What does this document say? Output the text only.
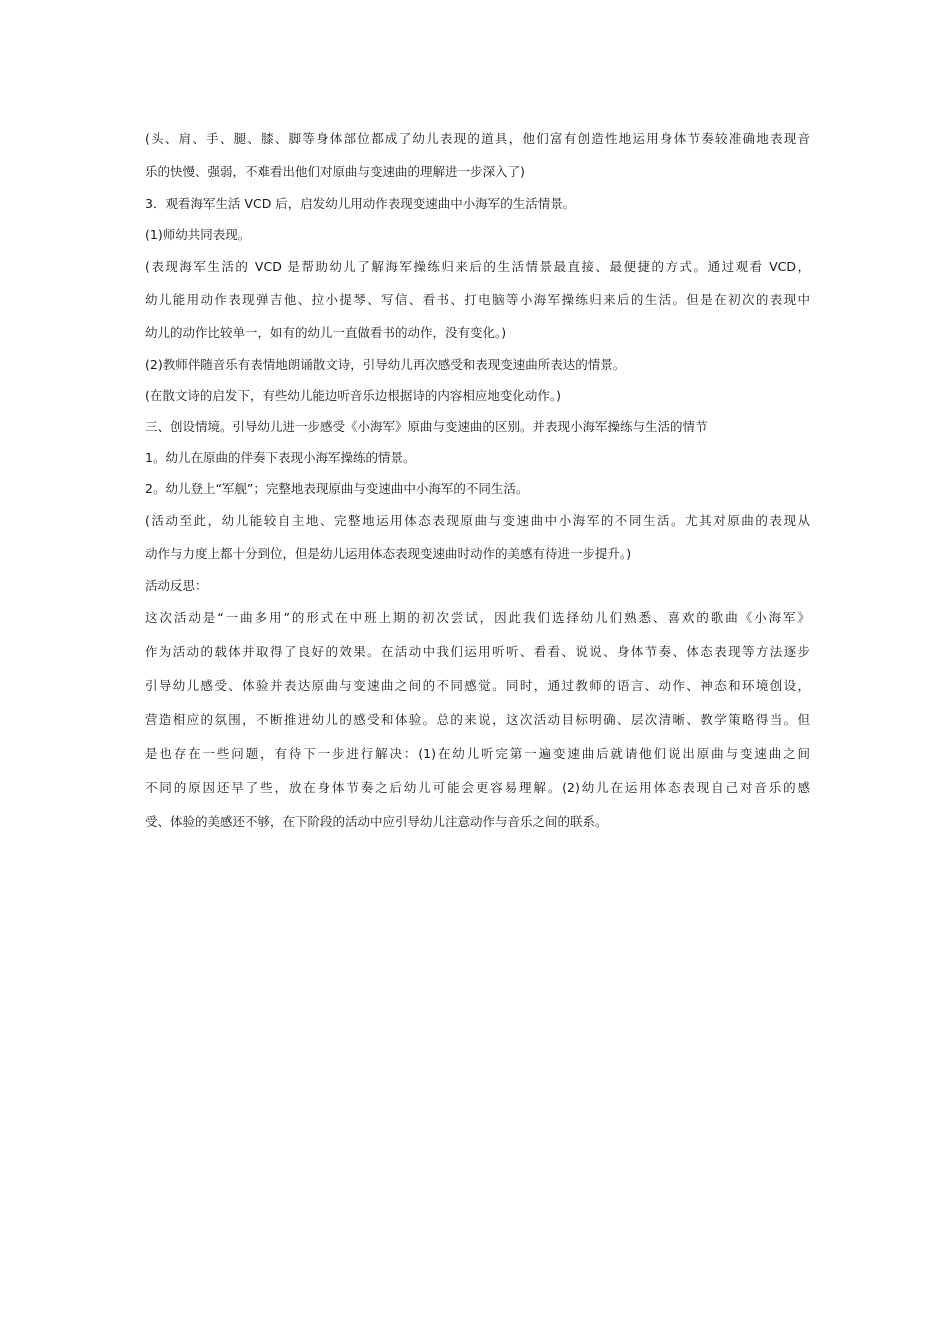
(头、肩、手、腿、膝、脚等身体部位都成了幼儿表现的道具，他们富有创造性地运用身体节奏较准确地表现音
乐的快慢、强弱，不难看出他们对原曲与变速曲的理解进一步深入了)

3．观看海军生活 VCD 后，启发幼儿用动作表现变速曲中小海军的生活情景。

(1)师幼共同表现。

(表现海军生活的 VCD 是帮助幼儿了解海军操练归来后的生活情景最直接、最便捷的方式。通过观看 VCD，
幼儿能用动作表现弹吉他、拉小提琴、写信、看书、打电脑等小海军操练归来后的生活。但是在初次的表现中
幼儿的动作比较单一，如有的幼儿一直做看书的动作，没有变化。)

(2)教师伴随音乐有表情地朗诵散文诗，引导幼儿再次感受和表现变速曲所表达的情景。

(在散文诗的启发下，有些幼儿能边听音乐边根据诗的内容相应地变化动作。)

三、创设情境。引导幼儿进一步感受《小海军》原曲与变速曲的区别。并表现小海军操练与生活的情节

1。幼儿在原曲的伴奏下表现小海军操练的情景。

2。幼儿登上“军舰”；完整地表现原曲与变速曲中小海军的不同生活。

(活动至此，幼儿能较自主地、完整地运用体态表现原曲与变速曲中小海军的不同生活。尤其对原曲的表现从
动作与力度上都十分到位，但是幼儿运用体态表现变速曲时动作的美感有待进一步提升。)

活动反思：

这次活动是“一曲多用”的形式在中班上期的初次尝试，因此我们选择幼儿们熟悉、喜欢的歌曲《小海军》
作为活动的载体并取得了良好的效果。在活动中我们运用听听、看看、说说、身体节奏、体态表现等方法逐步
引导幼儿感受、体验并表达原曲与变速曲之间的不同感觉。同时，通过教师的语言、动作、神态和环境创设，
营造相应的氛围，不断推进幼儿的感受和体验。总的来说，这次活动目标明确、层次清晰、教学策略得当。但
是也存在一些问题，有待下一步进行解决：(1)在幼儿听完第一遍变速曲后就请他们说出原曲与变速曲之间
不同的原因还早了些，放在身体节奏之后幼儿可能会更容易理解。(2)幼儿在运用体态表现自己对音乐的感
受、体验的美感还不够，在下阶段的活动中应引导幼儿注意动作与音乐之间的联系。
